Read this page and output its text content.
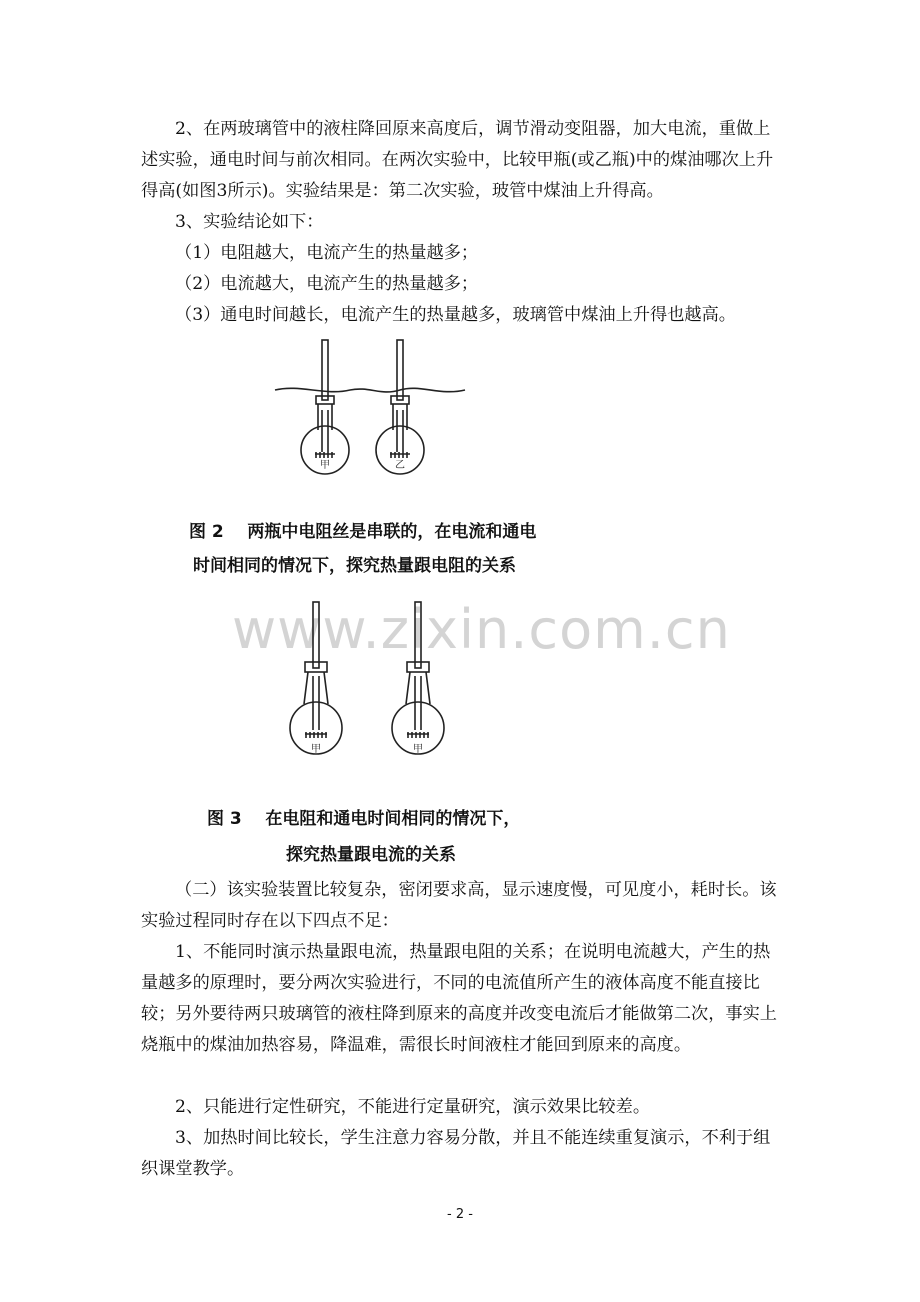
2、在两玻璃管中的液柱降回原来高度后，调节滑动变阻器，加大电流，重做上述实验，通电时间与前次相同。在两次实验中，比较甲瓶(或乙瓶)中的煤油哪次上升得高(如图3所示)。实验结果是：第二次实验，玻管中煤油上升得高。

3、实验结论如下：

（1）电阻越大，电流产生的热量越多；

（2）电流越大，电流产生的热量越多；

（3）通电时间越长，电流产生的热量越多，玻璃管中煤油上升得也越高。

甲	乙
图 2    两瓶中电阻丝是串联的，在电流和通电
时间相同的情况下，探究热量跟电阻的关系
www.zixin.com.cn
甲	甲
图 3    在电阻和通电时间相同的情况下，
探究热量跟电流的关系

（二）该实验装置比较复杂，密闭要求高，显示速度慢，可见度小，耗时长。该实验过程同时存在以下四点不足：

1、不能同时演示热量跟电流，热量跟电阻的关系；在说明电流越大，产生的热量越多的原理时，要分两次实验进行，不同的电流值所产生的液体高度不能直接比较；另外要待两只玻璃管的液柱降到原来的高度并改变电流后才能做第二次，事实上烧瓶中的煤油加热容易，降温难，需很长时间液柱才能回到原来的高度。

2、只能进行定性研究，不能进行定量研究，演示效果比较差。

3、加热时间比较长，学生注意力容易分散，并且不能连续重复演示，不利于组织课堂教学。

- 2 -
